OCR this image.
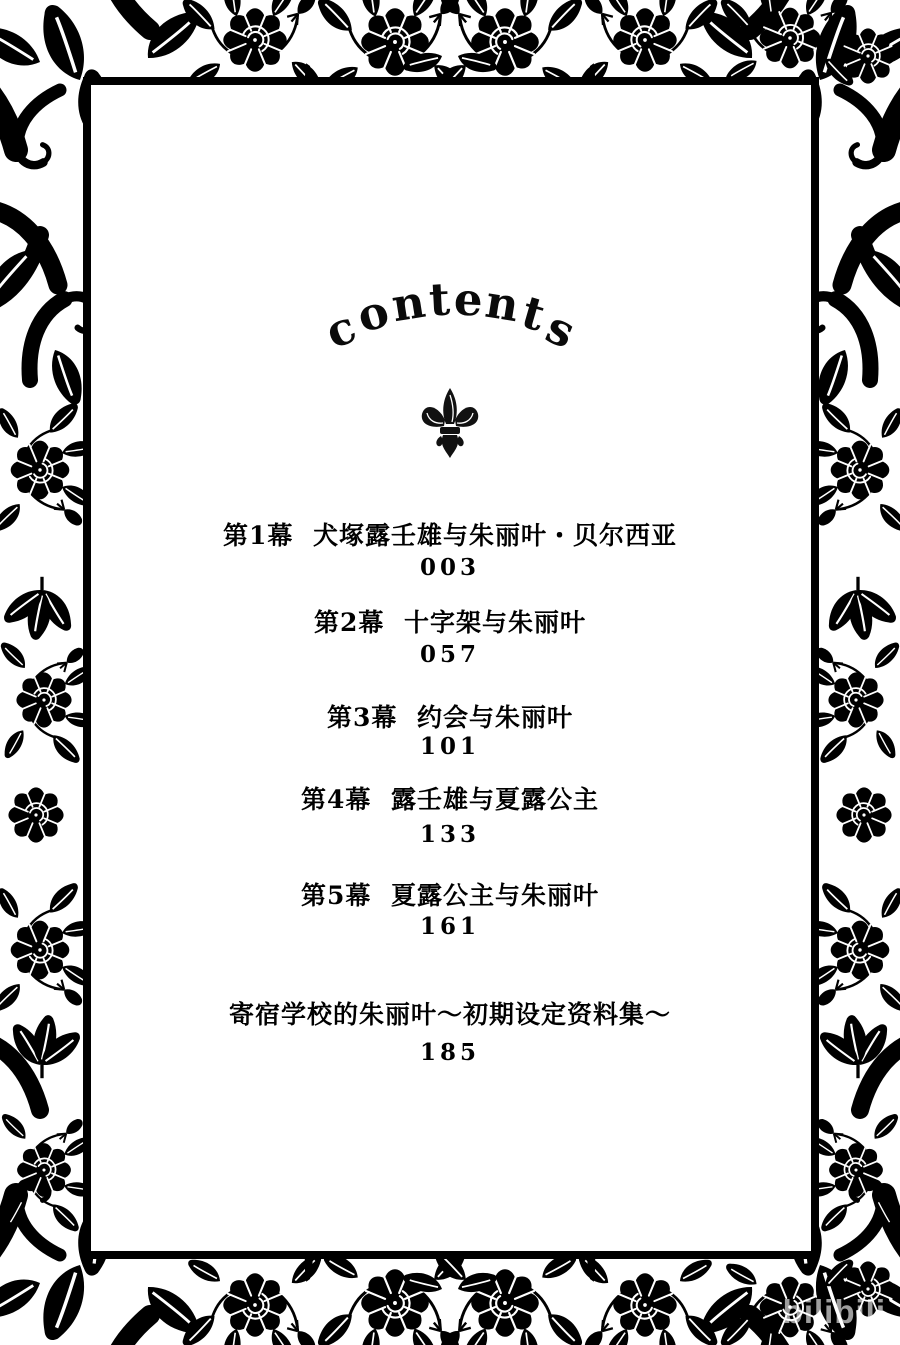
c
o
n
t e
n
t
s
第1幕 犬塚露壬雄与朱丽叶・贝尔西亚
003
第2幕 十字架与朱丽叶
057
第3幕 约会与朱丽叶
101
第4幕 露壬雄与夏露公主
133
第5幕 夏露公主与朱丽叶
161
寄宿学校的朱丽叶～初期设定资料集～
185
bilibili
